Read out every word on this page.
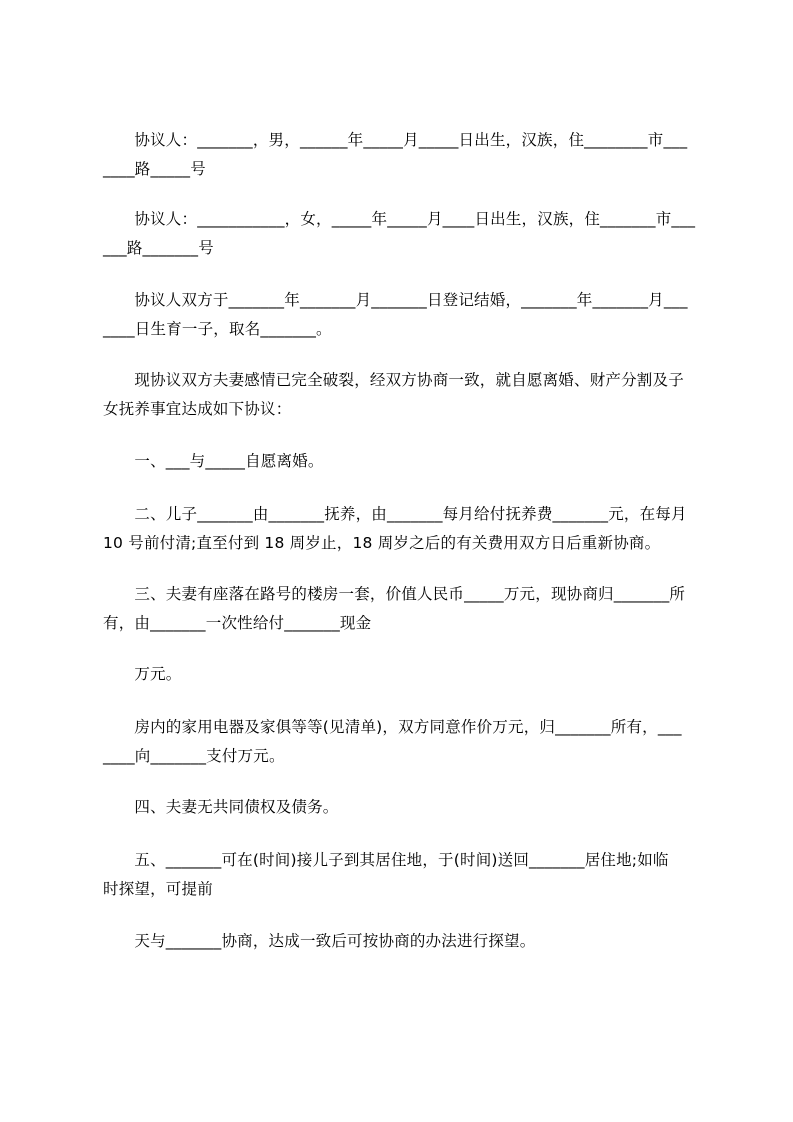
　　协议人：_______，男，______年_____月_____日出生，汉族，住________市___
____路_____号

　　协议人：___________，女，_____年_____月____日出生，汉族，住_______市___
___路_______号

　　协议人双方于_______年_______月_______日登记结婚，_______年_______月___
____日生育一子，取名_______。

　　现协议双方夫妻感情已完全破裂，经双方协商一致，就自愿离婚、财产分割及子
女抚养事宜达成如下协议：

　　一、___与_____自愿离婚。

　　二、儿子_______由_______抚养，由_______每月给付抚养费_______元，在每月
10 号前付清;直至付到 18 周岁止，18 周岁之后的有关费用双方日后重新协商。

　　三、夫妻有座落在路号的楼房一套，价值人民币_____万元，现协商归_______所
有，由_______一次性给付_______现金

　　万元。

　　房内的家用电器及家俱等等(见清单)，双方同意作价万元，归_______所有，___
____向_______支付万元。

　　四、夫妻无共同债权及债务。

　　五、_______可在(时间)接儿子到其居住地，于(时间)送回_______居住地;如临
时探望，可提前

　　天与_______协商，达成一致后可按协商的办法进行探望。
